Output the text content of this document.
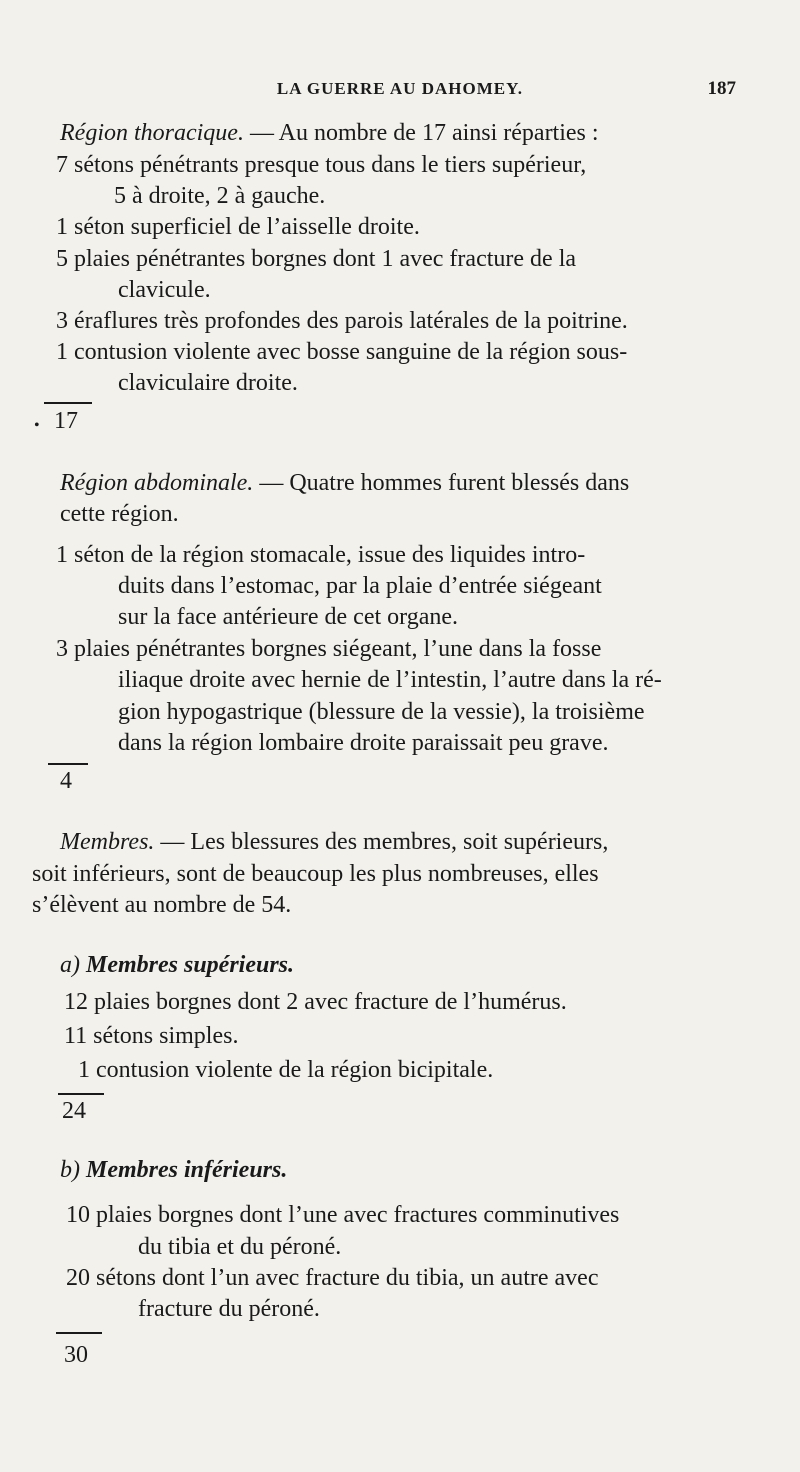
LA GUERRE AU DAHOMEY.	187
Région thoracique. — Au nombre de 17 ainsi réparties :
7 sétons pénétrants presque tous dans le tiers supérieur,
5 à droite, 2 à gauche.
1 séton superficiel de l’aisselle droite.
5 plaies pénétrantes borgnes dont 1 avec fracture de la
clavicule.
3 éraflures très profondes des parois latérales de la poitrine.
1 contusion violente avec bosse sanguine de la région sous-
claviculaire droite.
• 17
Région abdominale. — Quatre hommes furent blessés dans
cette région.
1 séton de la région stomacale, issue des liquides intro-
duits dans l’estomac, par la plaie d’entrée siégeant
sur la face antérieure de cet organe.
3 plaies pénétrantes borgnes siégeant, l’une dans la fosse
iliaque droite avec hernie de l’intestin, l’autre dans la ré-
gion hypogastrique (blessure de la vessie), la troisième
dans la région lombaire droite paraissait peu grave.
4
Membres. — Les blessures des membres, soit supérieurs,
soit inférieurs, sont de beaucoup les plus nombreuses, elles
s’élèvent au nombre de 54.
a) Membres supérieurs.
12 plaies borgnes dont 2 avec fracture de l’humérus.
11 sétons simples.
1 contusion violente de la région bicipitale.
24
b) Membres inférieurs.
10 plaies borgnes dont l’une avec fractures comminutives
du tibia et du péroné.
20 sétons dont l’un avec fracture du tibia, un autre avec
fracture du péroné.
30
